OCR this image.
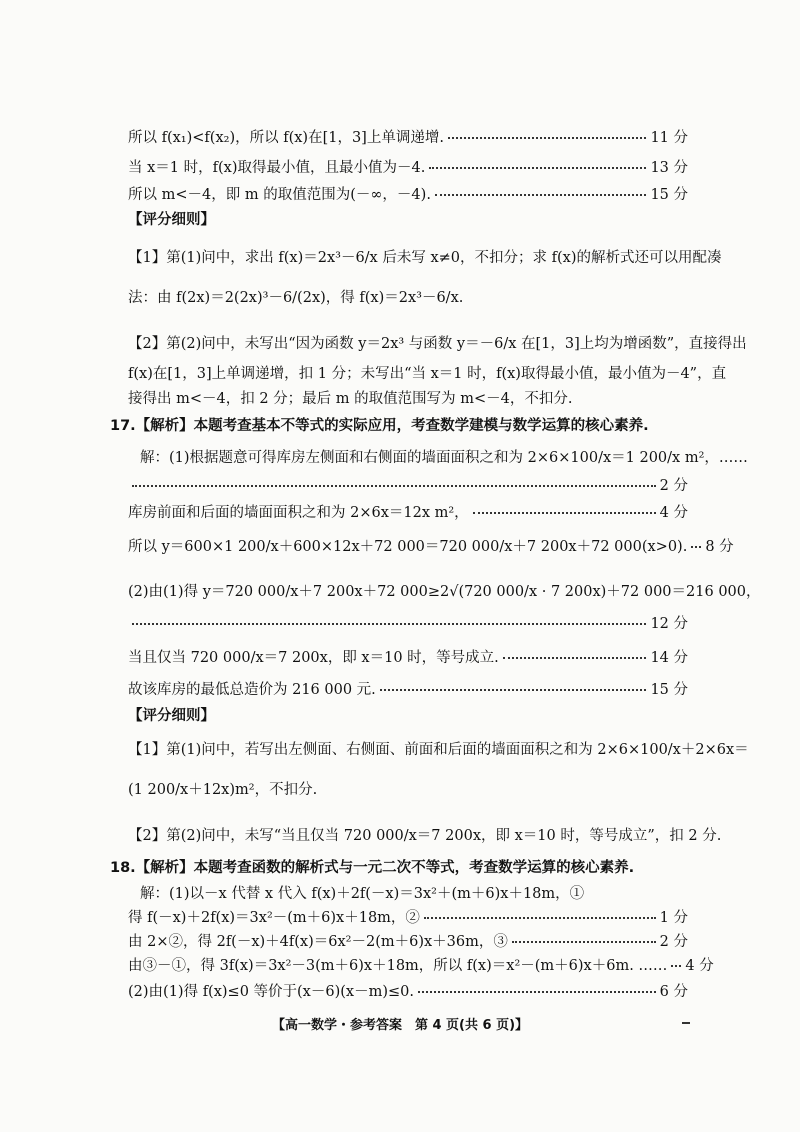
所以 f(x₁)<f(x₂)，所以 f(x)在[1，3]上单调递增.	11 分
当 x＝1 时，f(x)取得最小值，且最小值为－4.	13 分
所以 m<－4，即 m 的取值范围为(－∞，－4).	15 分
【评分细则】
【1】第(1)问中，求出 f(x)＝2x³－6/x 后未写 x≠0，不扣分；求 f(x)的解析式还可以用配凑
法：由 f(2x)＝2(2x)³－6/(2x)，得 f(x)＝2x³－6/x.
【2】第(2)问中，未写出“因为函数 y＝2x³ 与函数 y＝－6/x 在[1，3]上均为增函数”，直接得出
f(x)在[1，3]上单调递增，扣 1 分；未写出“当 x＝1 时，f(x)取得最小值，最小值为－4”，直
接得出 m<－4，扣 2 分；最后 m 的取值范围写为 m<－4，不扣分.
17.【解析】本题考查基本不等式的实际应用，考查数学建模与数学运算的核心素养.
解：(1)根据题意可得库房左侧面和右侧面的墙面面积之和为 2×6×100/x＝1 200/x m²，……
2 分
库房前面和后面的墙面面积之和为 2×6x＝12x m²，	4 分
所以 y＝600×1 200/x＋600×12x＋72 000＝720 000/x＋7 200x＋72 000(x>0). 8 分
(2)由(1)得 y＝720 000/x＋7 200x＋72 000≥2√(720 000/x · 7 200x)＋72 000＝216 000，
12 分
当且仅当 720 000/x＝7 200x，即 x＝10 时，等号成立.	14 分
故该库房的最低总造价为 216 000 元.	15 分
【评分细则】
【1】第(1)问中，若写出左侧面、右侧面、前面和后面的墙面面积之和为 2×6×100/x＋2×6x＝
(1 200/x＋12x)m²，不扣分.
【2】第(2)问中，未写“当且仅当 720 000/x＝7 200x，即 x＝10 时，等号成立”，扣 2 分.
18.【解析】本题考查函数的解析式与一元二次不等式，考查数学运算的核心素养.
解：(1)以－x 代替 x 代入 f(x)＋2f(－x)＝3x²＋(m＋6)x＋18m，①
得 f(－x)＋2f(x)＝3x²－(m＋6)x＋18m，②	1 分
由 2×②，得 2f(－x)＋4f(x)＝6x²－2(m＋6)x＋36m，③	2 分
由③－①，得 3f(x)＝3x²－3(m＋6)x＋18m，所以 f(x)＝x²－(m＋6)x＋6m. …… 4 分
(2)由(1)得 f(x)≤0 等价于(x－6)(x－m)≤0.	6 分
【高一数学・参考答案　第 4 页(共 6 页)】
